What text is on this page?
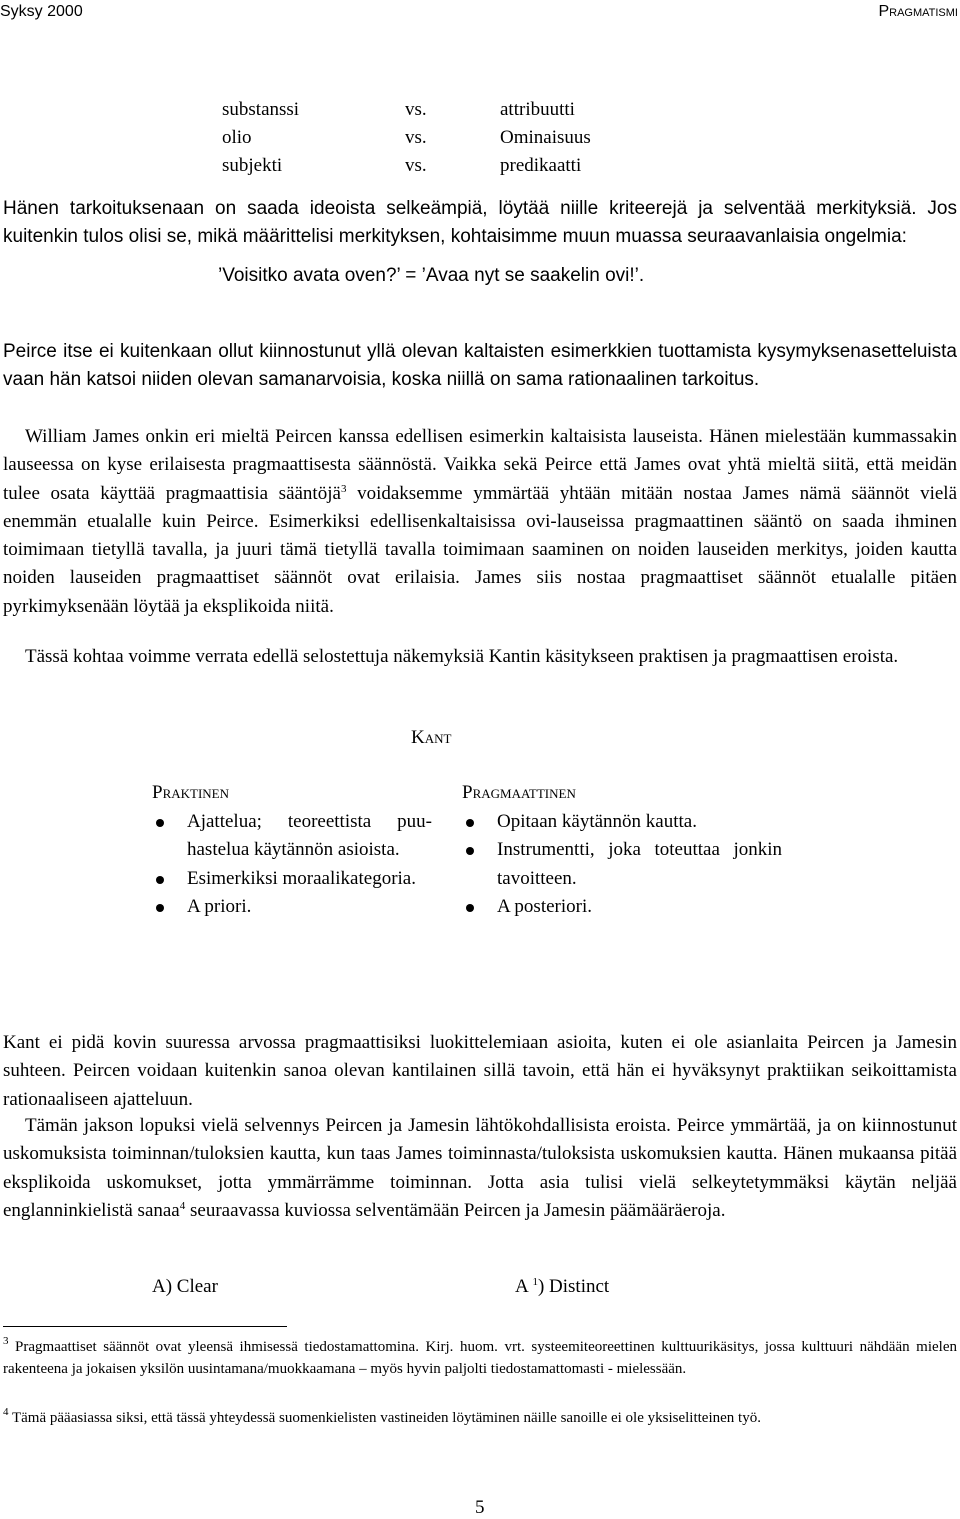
Syksy 2000	Pragmatismi
substanssi	vs.	attribuutti
olio	vs.	Ominaisuus
subjekti	vs.	predikaatti

Hänen tarkoituksenaan on saada ideoista selkeämpiä, löytää niille kriteerejä ja selventää merkityksiä. Jos kuitenkin tulos olisi se, mikä määrittelisi merkityksen, kohtaisimme muun muassa seuraavanlaisia ongelmia:

’Voisitko avata oven?’ = ’Avaa nyt se saakelin ovi!’.

Peirce itse ei kuitenkaan ollut kiinnostunut yllä olevan kaltaisten esimerkkien tuottamista kysymyksenasetteluista vaan hän katsoi niiden olevan samanarvoisia, koska niillä on sama rationaalinen tarkoitus.

William James onkin eri mieltä Peircen kanssa edellisen esimerkin kaltaisista lauseista. Hänen mielestään kummassakin lauseessa on kyse erilaisesta pragmaattisesta säännöstä. Vaikka sekä Peirce että James ovat yhtä mieltä siitä, että meidän tulee osata käyttää pragmaattisia sääntöjä$^3$ voidaksemme ymmärtää yhtään mitään nostaa James nämä säännöt vielä enemmän etualalle kuin Peirce. Esimerkiksi edellisenkaltaisissa ovi-lauseissa pragmaattinen sääntö on saada ihminen toimimaan tietyllä tavalla, ja juuri tämä tietyllä tavalla toimimaan saaminen on noiden lauseiden merkitys, joiden kautta noiden lauseiden pragmaattiset säännöt ovat erilaisia. James siis nostaa pragmaattiset säännöt etualalle pitäen pyrkimyksenään löytää ja eksplikoida niitä.

Tässä kohtaa voimme verrata edellä selostettuja näkemyksiä Kantin käsitykseen praktisen ja pragmaattisen eroista.

Kant
Praktinen
Ajattelua; teoreettista puuhastelua käytännön asioista.
Esimerkiksi moraalikategoria.
A priori.
Pragmaattinen
Opitaan käytännön kautta.
Instrumentti, joka toteuttaa jonkin tavoitteen.
A posteriori.

Kant ei pidä kovin suuressa arvossa pragmaattisiksi luokittelemiaan asioita, kuten ei ole asianlaita Peircen ja Jamesin suhteen. Peircen voidaan kuitenkin sanoa olevan kantilainen sillä tavoin, että hän ei hyväksynyt praktiikan seikoittamista rationaaliseen ajatteluun.

Tämän jakson lopuksi vielä selvennys Peircen ja Jamesin lähtökohdallisista eroista. Peirce ymmärtää, ja on kiinnostunut uskomuksista toiminnan/tuloksien kautta, kun taas James toiminnasta/tuloksista uskomuksien kautta. Hänen mukaansa pitää eksplikoida uskomukset, jotta ymmärrämme toiminnan. Jotta asia tulisi vielä selkeytetymmäksi käytän neljää englanninkielistä sanaa$^4$ seuraavassa kuviossa selventämään Peircen ja Jamesin päämääräeroja.

A) Clear	A $^1$) Distinct
$^3$ Pragmaattiset säännöt ovat yleensä ihmisessä tiedostamattomina. Kirj. huom. vrt. systeemiteoreettinen kulttuurikäsitys, jossa kulttuuri nähdään mielen rakenteena ja jokaisen yksilön uusintamana/muokkaamana – myös hyvin paljolti tiedostamattomasti - mielessään.
$^4$ Tämä pääasiassa siksi, että tässä yhteydessä suomenkielisten vastineiden löytäminen näille sanoille ei ole yksiselitteinen työ.
5
